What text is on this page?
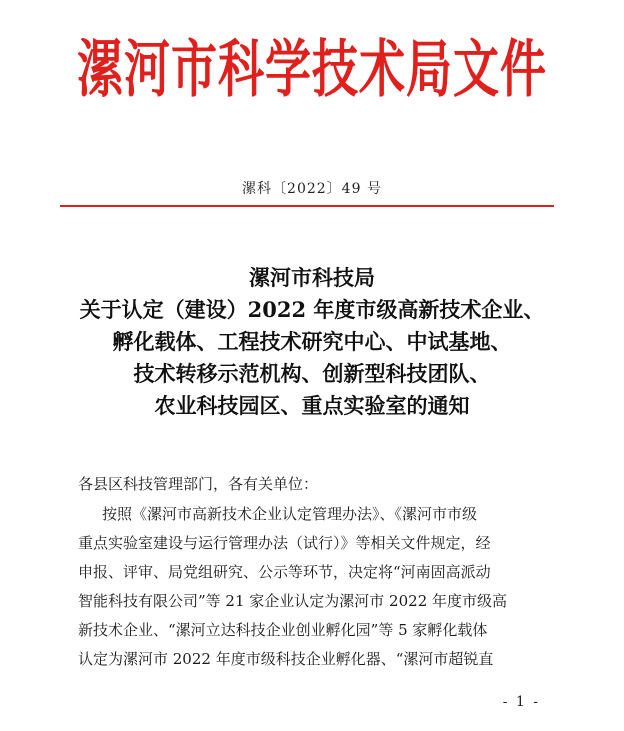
漯河市科学技术局文件
漯科〔2022〕49 号
漯河市科技局
关于认定（建设）2022 年度市级高新技术企业、
孵化载体、工程技术研究中心、中试基地、
技术转移示范机构、创新型科技团队、
农业科技园区、重点实验室的通知
各县区科技管理部门，各有关单位：
按照《漯河市高新技术企业认定管理办法》、《漯河市市级
重点实验室建设与运行管理办法（试行）》等相关文件规定，经
申报、评审、局党组研究、公示等环节，决定将“河南固高派动
智能科技有限公司”等 21 家企业认定为漯河市 2022 年度市级高
新技术企业、“漯河立达科技企业创业孵化园”等 5 家孵化载体
认定为漯河市 2022 年度市级科技企业孵化器、“漯河市超锐直
- 1 -
